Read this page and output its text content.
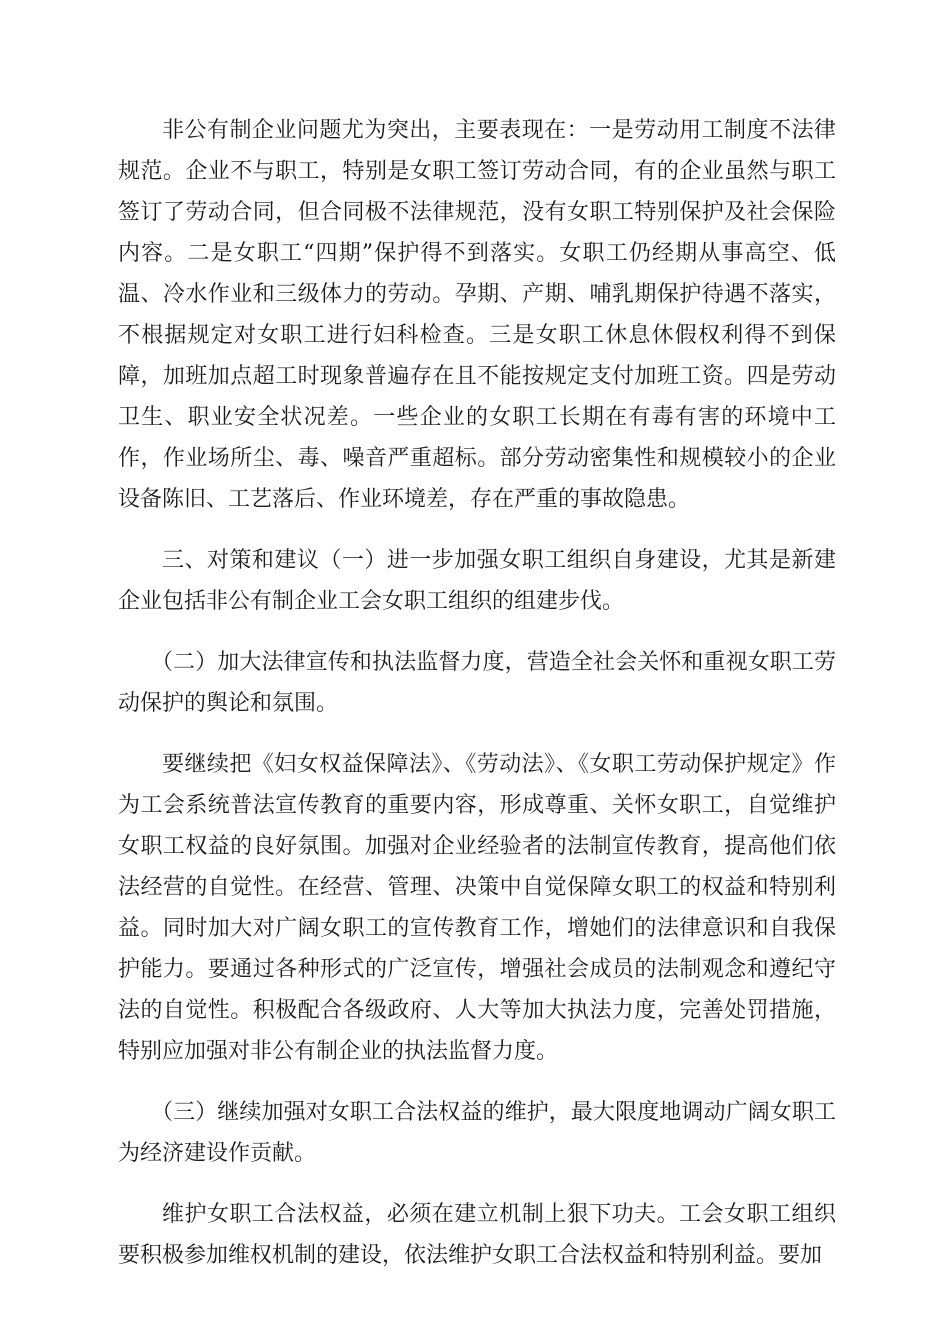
非公有制企业问题尤为突出，主要表现在：一是劳动用工制度不法律规范。企业不与职工，特别是女职工签订劳动合同，有的企业虽然与职工签订了劳动合同，但合同极不法律规范，没有女职工特别保护及社会保险内容。二是女职工“四期”保护得不到落实。女职工仍经期从事高空、低温、冷水作业和三级体力的劳动。孕期、产期、哺乳期保护待遇不落实，不根据规定对女职工进行妇科检查。三是女职工休息休假权利得不到保障，加班加点超工时现象普遍存在且不能按规定支付加班工资。四是劳动卫生、职业安全状况差。一些企业的女职工长期在有毒有害的环境中工作，作业场所尘、毒、噪音严重超标。部分劳动密集性和规模较小的企业设备陈旧、工艺落后、作业环境差，存在严重的事故隐患。

三、对策和建议（一）进一步加强女职工组织自身建设，尤其是新建企业包括非公有制企业工会女职工组织的组建步伐。

（二）加大法律宣传和执法监督力度，营造全社会关怀和重视女职工劳动保护的舆论和氛围。

要继续把《妇女权益保障法》、《劳动法》、《女职工劳动保护规定》作为工会系统普法宣传教育的重要内容，形成尊重、关怀女职工，自觉维护女职工权益的良好氛围。加强对企业经验者的法制宣传教育，提高他们依法经营的自觉性。在经营、管理、决策中自觉保障女职工的权益和特别利益。同时加大对广阔女职工的宣传教育工作，增她们的法律意识和自我保护能力。要通过各种形式的广泛宣传，增强社会成员的法制观念和遵纪守法的自觉性。积极配合各级政府、人大等加大执法力度，完善处罚措施，特别应加强对非公有制企业的执法监督力度。

（三）继续加强对女职工合法权益的维护，最大限度地调动广阔女职工为经济建设作贡献。

维护女职工合法权益，必须在建立机制上狠下功夫。工会女职工组织要积极参加维权机制的建设，依法维护女职工合法权益和特别利益。要加
